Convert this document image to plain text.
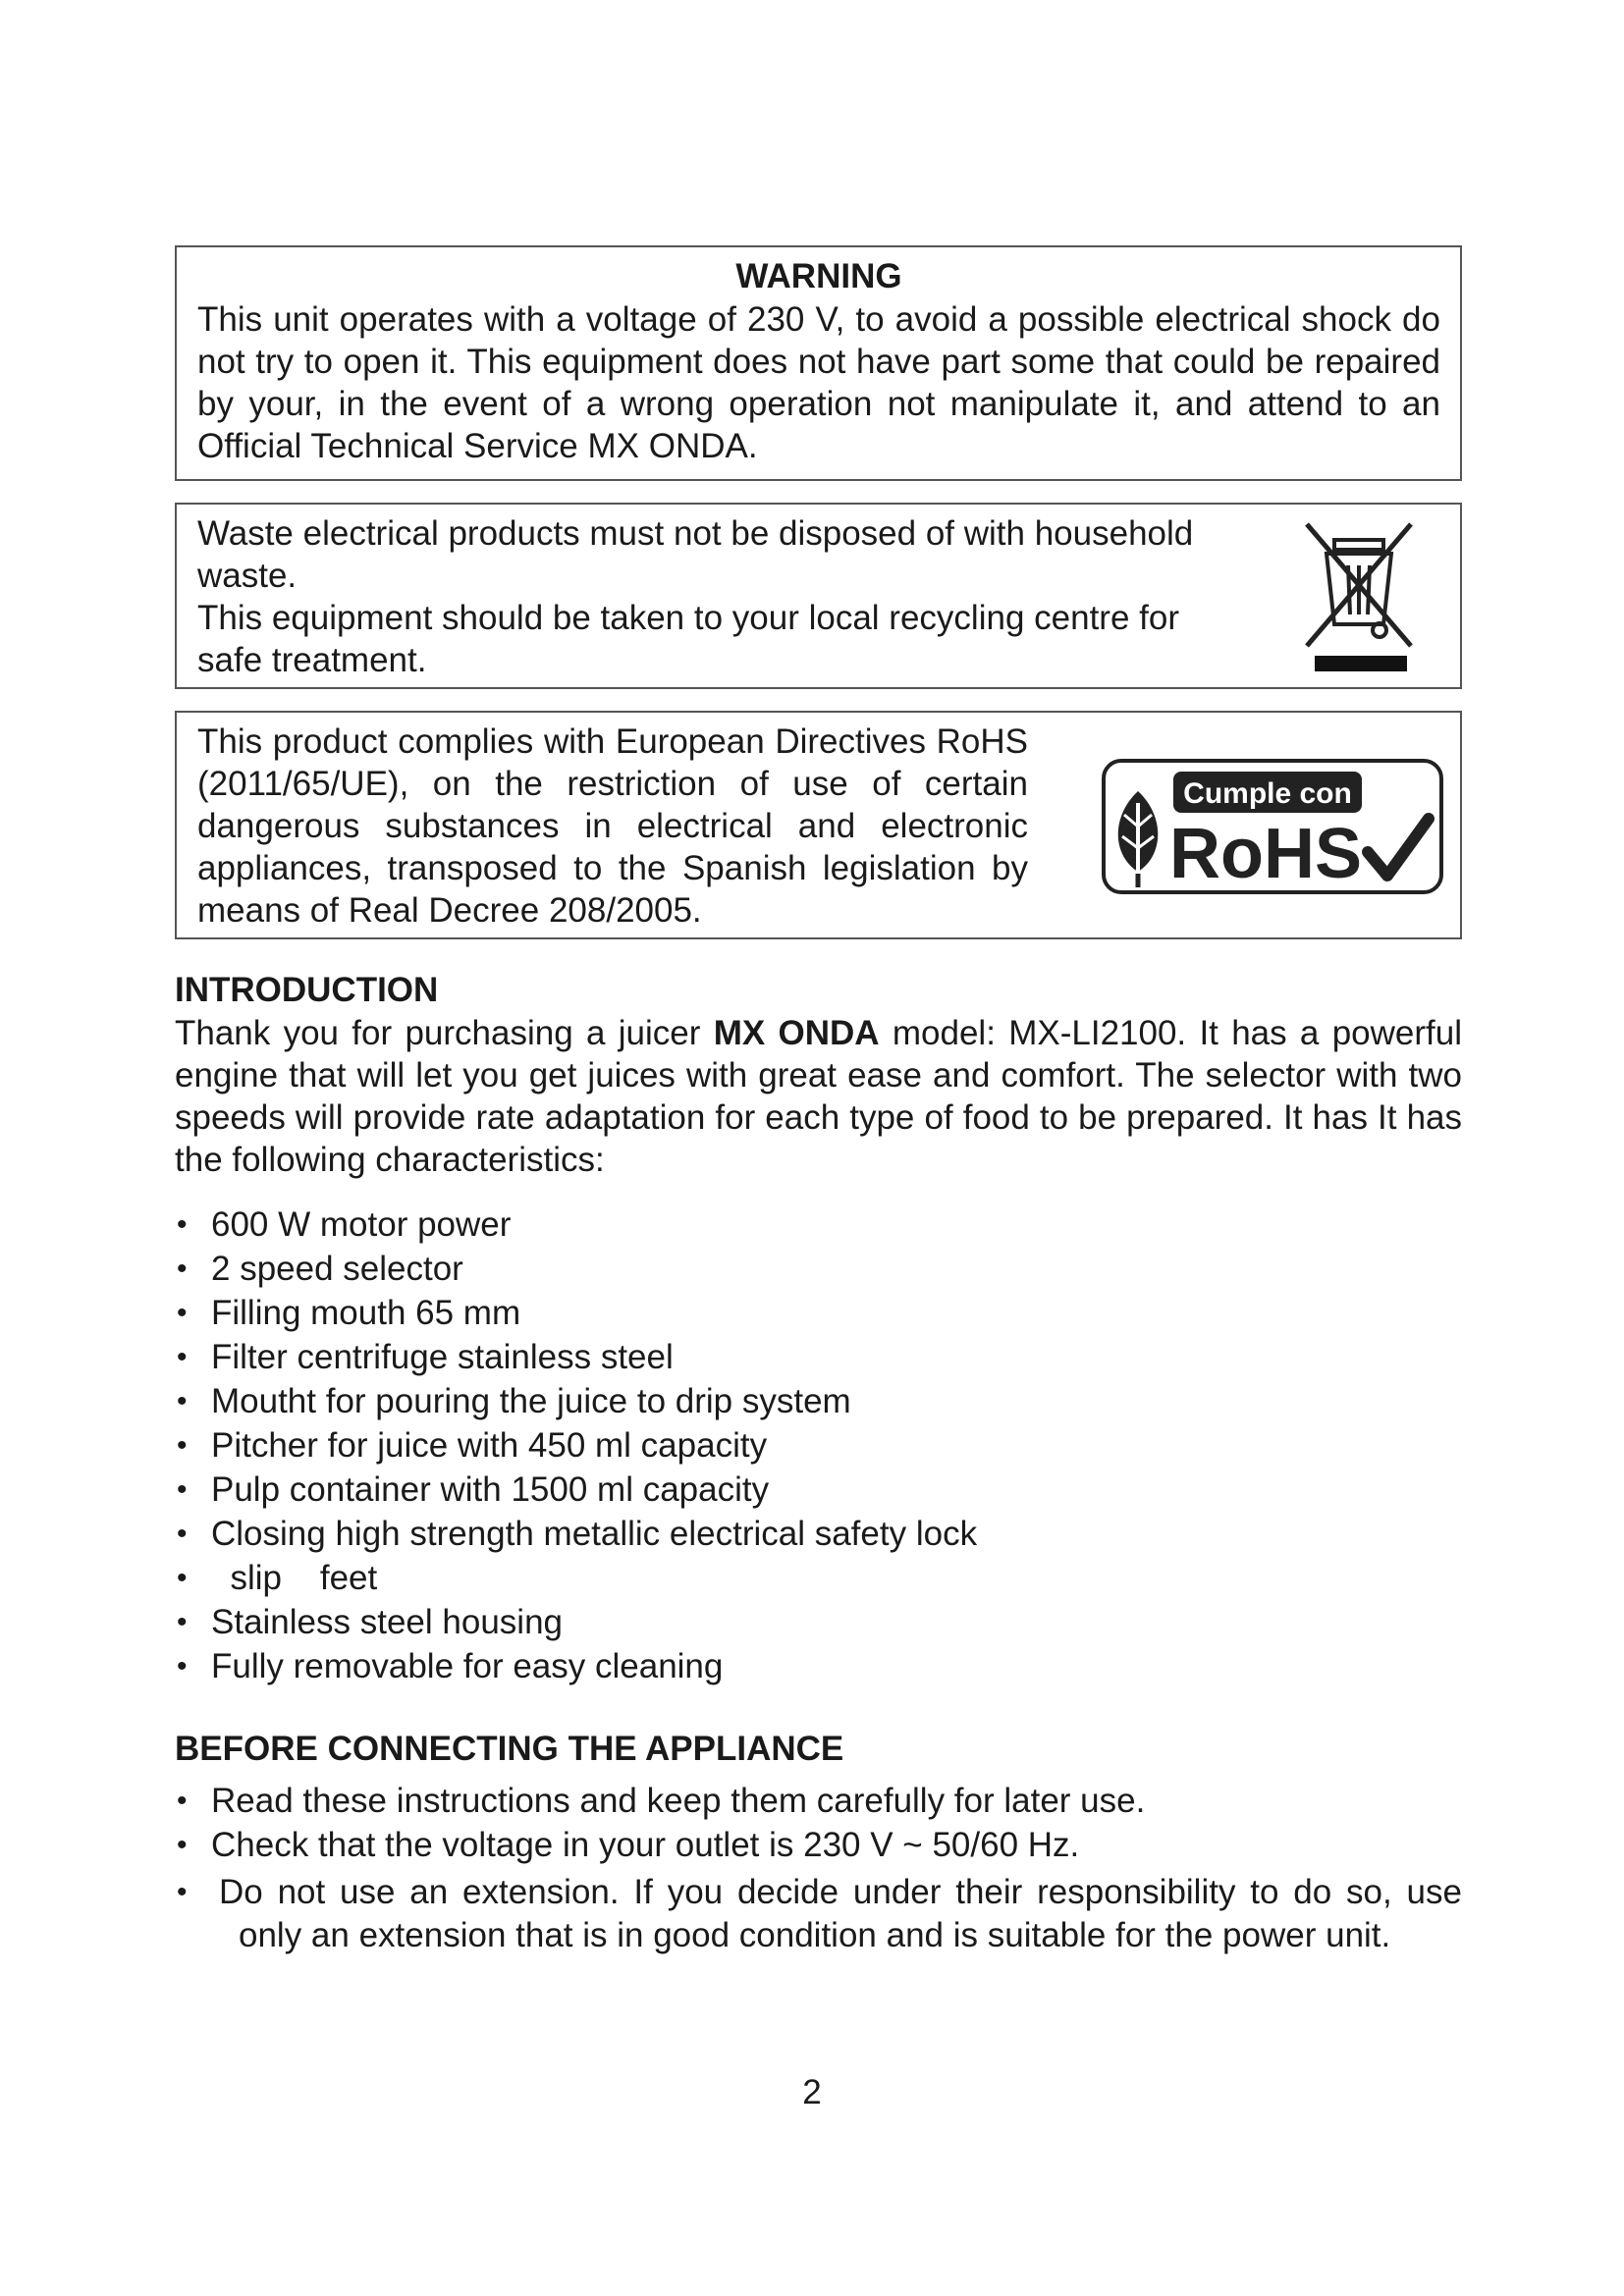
WARNING
This unit operates with a voltage of 230 V, to avoid a possible electrical shock do not try to open it. This equipment does not have part some that could be repaired by your, in the event of a wrong operation not manipulate it, and attend to an Official Technical Service MX ONDA.
Waste electrical products must not be disposed of with household waste.
This equipment should be taken to your local recycling centre for safe treatment.
This product complies with European Directives RoHS (2011/65/UE), on the restriction of use of certain dangerous substances in electrical and electronic appliances, transposed to the Spanish legislation by means of Real Decree 208/2005.
Cumple con
RoHS
INTRODUCTION

Thank you for purchasing a juicer MX ONDA model: MX-LI2100. It has a powerful engine that will let you get juices with great ease and comfort. The selector with two speeds will provide rate adaptation for each type of food to be prepared. It has It has the following characteristics:

• 600 W motor power
• 2 speed selector
• Filling mouth 65 mm
• Filter centrifuge stainless steel
• Moutht for pouring the juice to drip system
• Pitcher for juice with 450 ml capacity
• Pulp container with 1500 ml capacity
• Closing high strength metallic electrical safety lock
•   slip    feet
• Stainless steel housing
• Fully removable for easy cleaning
BEFORE CONNECTING THE APPLIANCE
• Read these instructions and keep them carefully for later use.
• Check that the voltage in your outlet is 230 V ~ 50/60 Hz.
• Do not use an extension. If you decide under their responsibility to do so, use only an extension that is in good condition and is suitable for the power unit.
2
